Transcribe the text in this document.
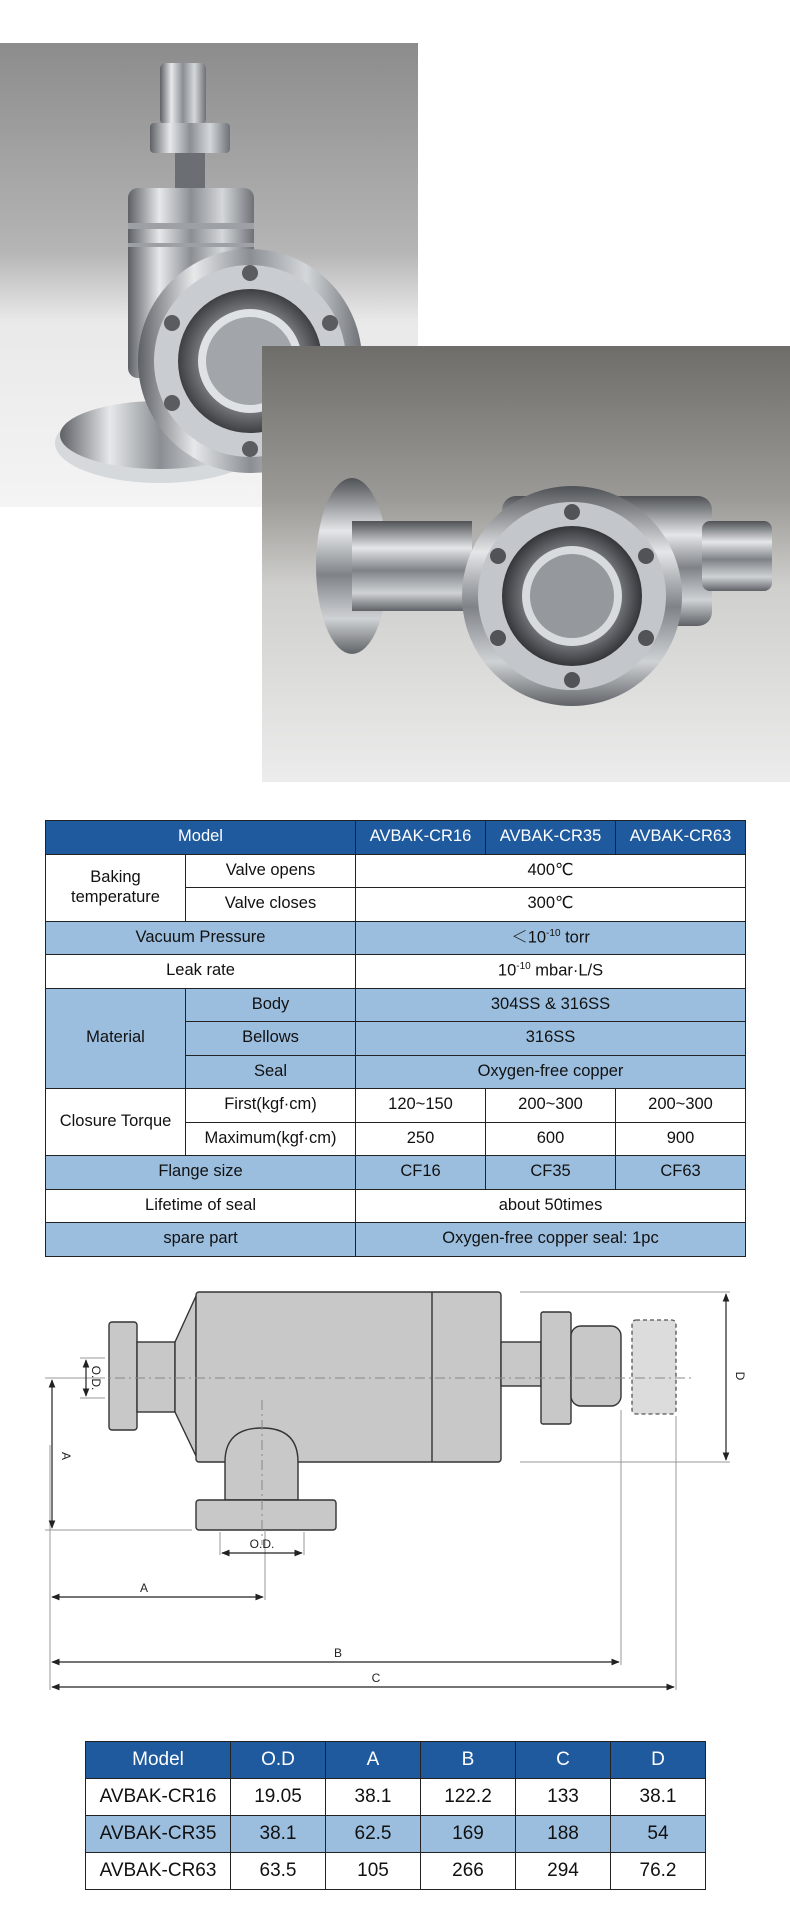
Model		AVBAK-CR16	AVBAK-CR35	AVBAK-CR63
Baking temperature	Valve opens	400℃		
	Valve closes	300℃		
Vacuum Pressure		$<10^{-10}$ torr		
Leak rate		$10^{-10}$ mbar·L/S		
Material	Body	304SS & 316SS		
	Bellows	316SS		
	Seal	Oxygen-free copper		
Closure Torque	First(kgf·cm)	120~150	200~300	200~300
	Maximum(kgf·cm)	250	600	900
Flange size		CF16	CF35	CF63
Lifetime of seal		about 50times		
spare part		Oxygen-free copper seal: 1pc		
O.D.
O.D.
A
A
B
C
D
Model	O.D	A	B	C	D
AVBAK-CR16	19.05	38.1	122.2	133	38.1
AVBAK-CR35	38.1	62.5	169	188	54
AVBAK-CR63	63.5	105	266	294	76.2
